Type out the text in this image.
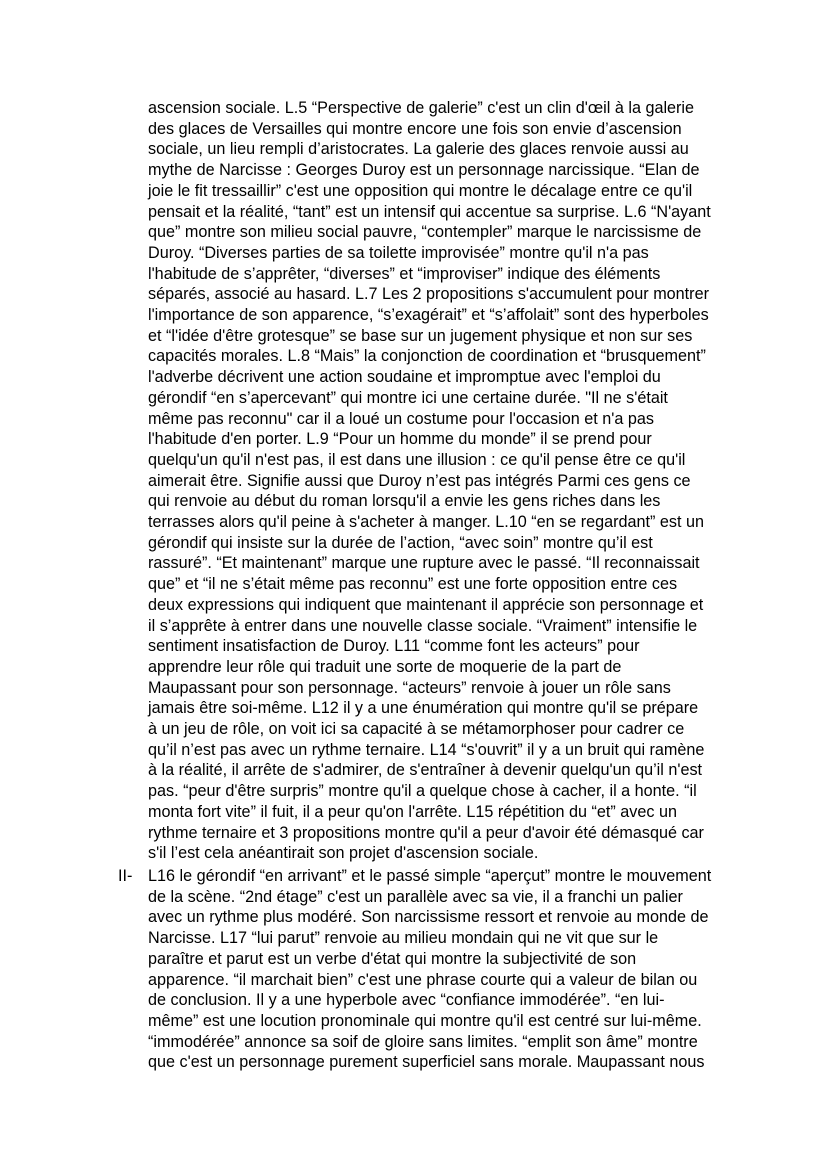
ascension sociale. L.5 “Perspective de galerie” c'est un clin d'œil à la galerie
des glaces de Versailles qui montre encore une fois son envie d’ascension
sociale, un lieu rempli d’aristocrates. La galerie des glaces renvoie aussi au
mythe de Narcisse : Georges Duroy est un personnage narcissique. “Elan de
joie le fit tressaillir” c'est une opposition qui montre le décalage entre ce qu'il
pensait et la réalité, “tant” est un intensif qui accentue sa surprise. L.6 “N'ayant
que” montre son milieu social pauvre, “contempler” marque le narcissisme de
Duroy. “Diverses parties de sa toilette improvisée” montre qu'il n'a pas
l'habitude de s’apprêter, “diverses” et “improviser” indique des éléments
séparés, associé au hasard. L.7 Les 2 propositions s'accumulent pour montrer
l'importance de son apparence, “s’exagérait” et “s’affolait” sont des hyperboles
et “l'idée d'être grotesque” se base sur un jugement physique et non sur ses
capacités morales. L.8 “Mais” la conjonction de coordination et “brusquement”
l'adverbe décrivent une action soudaine et impromptue avec l'emploi du
gérondif “en s’apercevant” qui montre ici une certaine durée. "Il ne s'était
même pas reconnu" car il a loué un costume pour l'occasion et n'a pas
l'habitude d'en porter. L.9 “Pour un homme du monde” il se prend pour
quelqu'un qu'il n'est pas, il est dans une illusion : ce qu'il pense être ce qu'il
aimerait être. Signifie aussi que Duroy n’est pas intégrés Parmi ces gens ce
qui renvoie au début du roman lorsqu'il a envie les gens riches dans les
terrasses alors qu'il peine à s'acheter à manger. L.10 “en se regardant” est un
gérondif qui insiste sur la durée de l’action, “avec soin” montre qu’il est
rassuré”. “Et maintenant” marque une rupture avec le passé. “Il reconnaissait
que” et “il ne s’était même pas reconnu” est une forte opposition entre ces
deux expressions qui indiquent que maintenant il apprécie son personnage et
il s’apprête à entrer dans une nouvelle classe sociale. “Vraiment” intensifie le
sentiment insatisfaction de Duroy. L11 “comme font les acteurs” pour
apprendre leur rôle qui traduit une sorte de moquerie de la part de
Maupassant pour son personnage. “acteurs” renvoie à jouer un rôle sans
jamais être soi-même. L12 il y a une énumération qui montre qu'il se prépare
à un jeu de rôle, on voit ici sa capacité à se métamorphoser pour cadrer ce
qu’il n’est pas avec un rythme ternaire. L14 “s'ouvrit” il y a un bruit qui ramène
à la réalité, il arrête de s'admirer, de s'entraîner à devenir quelqu'un qu’il n'est
pas. “peur d'être surpris” montre qu'il a quelque chose à cacher, il a honte. “il
monta fort vite” il fuit, il a peur qu'on l'arrête. L15 répétition du “et” avec un
rythme ternaire et 3 propositions montre qu'il a peur d'avoir été démasqué car
s'il l’est cela anéantirait son projet d'ascension sociale.
II- L16 le gérondif “en arrivant” et le passé simple “aperçut” montre le mouvement
de la scène. “2nd étage” c'est un parallèle avec sa vie, il a franchi un palier
avec un rythme plus modéré. Son narcissisme ressort et renvoie au monde de
Narcisse. L17 “lui parut” renvoie au milieu mondain qui ne vit que sur le
paraître et parut est un verbe d'état qui montre la subjectivité de son
apparence. “il marchait bien” c'est une phrase courte qui a valeur de bilan ou
de conclusion. Il y a une hyperbole avec “confiance immodérée”. “en lui-
même” est une locution pronominale qui montre qu'il est centré sur lui-même.
“immodérée” annonce sa soif de gloire sans limites. “emplit son âme” montre
que c'est un personnage purement superficiel sans morale. Maupassant nous
